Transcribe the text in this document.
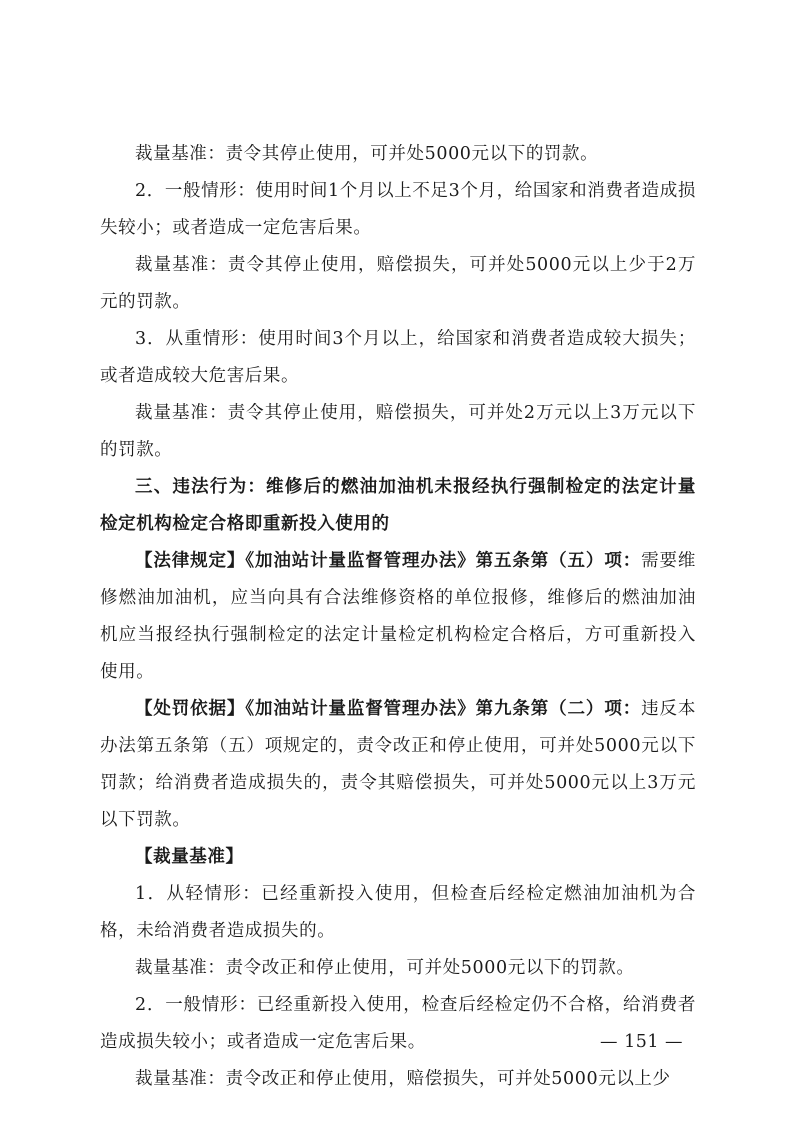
裁量基准：责令其停止使用，可并处5000元以下的罚款。

2．一般情形：使用时间1个月以上不足3个月，给国家和消费者造成损失较小；或者造成一定危害后果。

裁量基准：责令其停止使用，赔偿损失，可并处5000元以上少于2万元的罚款。

3．从重情形：使用时间3个月以上，给国家和消费者造成较大损失；或者造成较大危害后果。

裁量基准：责令其停止使用，赔偿损失，可并处2万元以上3万元以下的罚款。

三、违法行为：维修后的燃油加油机未报经执行强制检定的法定计量检定机构检定合格即重新投入使用的

【法律规定】《加油站计量监督管理办法》第五条第（五）项：需要维修燃油加油机，应当向具有合法维修资格的单位报修，维修后的燃油加油机应当报经执行强制检定的法定计量检定机构检定合格后，方可重新投入使用。

【处罚依据】《加油站计量监督管理办法》第九条第（二）项：违反本办法第五条第（五）项规定的，责令改正和停止使用，可并处5000元以下罚款；给消费者造成损失的，责令其赔偿损失，可并处5000元以上3万元以下罚款。

【裁量基准】

1．从轻情形：已经重新投入使用，但检查后经检定燃油加油机为合格，未给消费者造成损失的。

裁量基准：责令改正和停止使用，可并处5000元以下的罚款。

2．一般情形：已经重新投入使用，检查后经检定仍不合格，给消费者造成损失较小；或者造成一定危害后果。

裁量基准：责令改正和停止使用，赔偿损失，可并处5000元以上少

— 151 —
